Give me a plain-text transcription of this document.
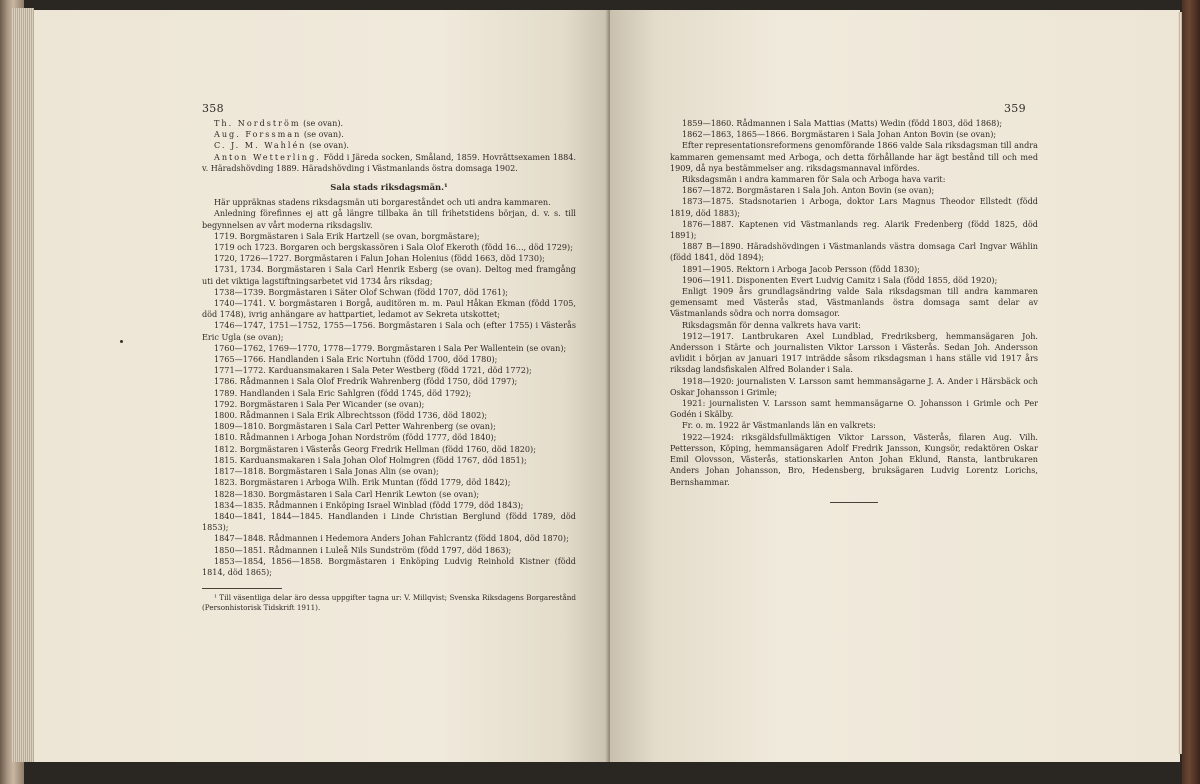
358

Th. Nordström (se ovan).

Aug. Forssman (se ovan).

C. J. M. Wahlén (se ovan).

Anton Wetterling. Född i Järeda socken, Småland, 1859. Hovrättsexamen 1884. v. Häradshövding 1889. Häradshövding i Västmanlands östra domsaga 1902.

Sala stads riksdagsmän.¹

Här uppräknas stadens riksdagsmän uti borgareståndet och uti andra kammaren.

Anledning förefinnes ej att gå längre tillbaka än till frihetstidens början, d. v. s. till begynnelsen av vårt moderna riksdagsliv.

1719. Borgmästaren i Sala Erik Hartzell (se ovan, borgmästare);

1719 och 1723. Borgaren och bergskassören i Sala Olof Ekeroth (född 16..., död 1729);

1720, 1726—1727. Borgmästaren i Falun Johan Holenius (född 1663, död 1730);

1731, 1734. Borgmästaren i Sala Carl Henrik Esberg (se ovan). Deltog med framgång uti det viktiga lagstiftningsarbetet vid 1734 års riksdag;

1738—1739. Borgmästaren i Säter Olof Schwan (född 1707, död 1761);

1740—1741. V. borgmästaren i Borgå, auditören m. m. Paul Håkan Ekman (född 1705, död 1748), ivrig anhängare av hattpartiet, ledamot av Sekreta utskottet;

1746—1747, 1751—1752, 1755—1756. Borgmästaren i Sala och (efter 1755) i Västerås Eric Ugla (se ovan);

1760—1762, 1769—1770, 1778—1779. Borgmästaren i Sala Per Wallentein (se ovan);

1765—1766. Handlanden i Sala Eric Nortuhn (född 1700, död 1780);

1771—1772. Karduansmakaren i Sala Peter Westberg (född 1721, död 1772);

1786. Rådmannen i Sala Olof Fredrik Wahrenberg (född 1750, död 1797);

1789. Handlanden i Sala Eric Sahlgren (född 1745, död 1792);

1792. Borgmästaren i Sala Per Wicander (se ovan);

1800. Rådmannen i Sala Erik Albrechtsson (född 1736, död 1802);

1809—1810. Borgmästaren i Sala Carl Petter Wahrenberg (se ovan);

1810. Rådmannen i Arboga Johan Nordström (född 1777, död 1840);

1812. Borgmästaren i Västerås Georg Fredrik Hellman (född 1760, död 1820);

1815. Karduansmakaren i Sala Johan Olof Holmgren (född 1767, död 1851);

1817—1818. Borgmästaren i Sala Jonas Alin (se ovan);

1823. Borgmästaren i Arboga Wilh. Erik Muntan (född 1779, död 1842);

1828—1830. Borgmästaren i Sala Carl Henrik Lewton (se ovan);

1834—1835. Rådmannen i Enköping Israel Winblad (född 1779, död 1843);

1840—1841, 1844—1845. Handlanden i Linde Christian Berglund (född 1789, död 1853);

1847—1848. Rådmannen i Hedemora Anders Johan Fahlcrantz (född 1804, död 1870);

1850—1851. Rådmannen i Luleå Nils Sundström (född 1797, död 1863);

1853—1854, 1856—1858. Borgmästaren i Enköping Ludvig Reinhold Kistner (född 1814, död 1865);

¹ Till väsentliga delar äro dessa uppgifter tagna ur: V. Millqvist; Svenska Riksdagens Borgarestånd (Personhistorisk Tidskrift 1911).

359

1859—1860. Rådmannen i Sala Mattias (Matts) Wedin (född 1803, död 1868);

1862—1863, 1865—1866. Borgmästaren i Sala Johan Anton Bovin (se ovan);

Efter representationsreformens genomförande 1866 valde Sala riksdagsman till andra kammaren gemensamt med Arboga, och detta förhållande har ägt bestånd till och med 1909, då nya bestämmelser ang. riksdagsmannaval infördes.

Riksdagsmän i andra kammaren för Sala och Arboga hava varit:

1867—1872. Borgmästaren i Sala Joh. Anton Bovin (se ovan);

1873—1875. Stadsnotarien i Arboga, doktor Lars Magnus Theodor Ellstedt (född 1819, död 1883);

1876—1887. Kaptenen vid Västmanlands reg. Alarik Fredenberg (född 1825, död 1891);

1887 B—1890. Häradshövdingen i Västmanlands västra domsaga Carl Ingvar Wählin (född 1841, död 1894);

1891—1905. Rektorn i Arboga Jacob Persson (född 1830);

1906—1911. Disponenten Evert Ludvig Camitz i Sala (född 1855, död 1920);

Enligt 1909 års grundlagsändring valde Sala riksdagsman till andra kammaren gemensamt med Västerås stad, Västmanlands östra domsaga samt delar av Västmanlands södra och norra domsagor.

Riksdagsmän för denna valkrets hava varit:

1912—1917. Lantbrukaren Axel Lundblad, Fredriksberg, hemmansägaren Joh. Andersson i Stärte och journalisten Viktor Larsson i Västerås. Sedan Joh. Andersson avlidit i början av januari 1917 inträdde såsom riksdagsman i hans ställe vid 1917 års riksdag landsfiskalen Alfred Bolander i Sala.

1918—1920: journalisten V. Larsson samt hemmansägarne J. A. Ander i Härsbäck och Oskar Johansson i Grimle;

1921: journalisten V. Larsson samt hemmansägarne O. Johansson i Grimle och Per Godén i Skälby.

Fr. o. m. 1922 är Västmanlands län en valkrets:

1922—1924: riksgäldsfullmäktigen Viktor Larsson, Västerås, filaren Aug. Vilh. Pettersson, Köping, hemmansägaren Adolf Fredrik Jansson, Kungsör, redaktören Oskar Emil Olovsson, Västerås, stationskarlen Anton Johan Eklund, Ranstа, lantbrukaren Anders Johan Johansson, Bro, Hedensberg, bruksägaren Ludvig Lorentz Lorichs, Bernshammar.
